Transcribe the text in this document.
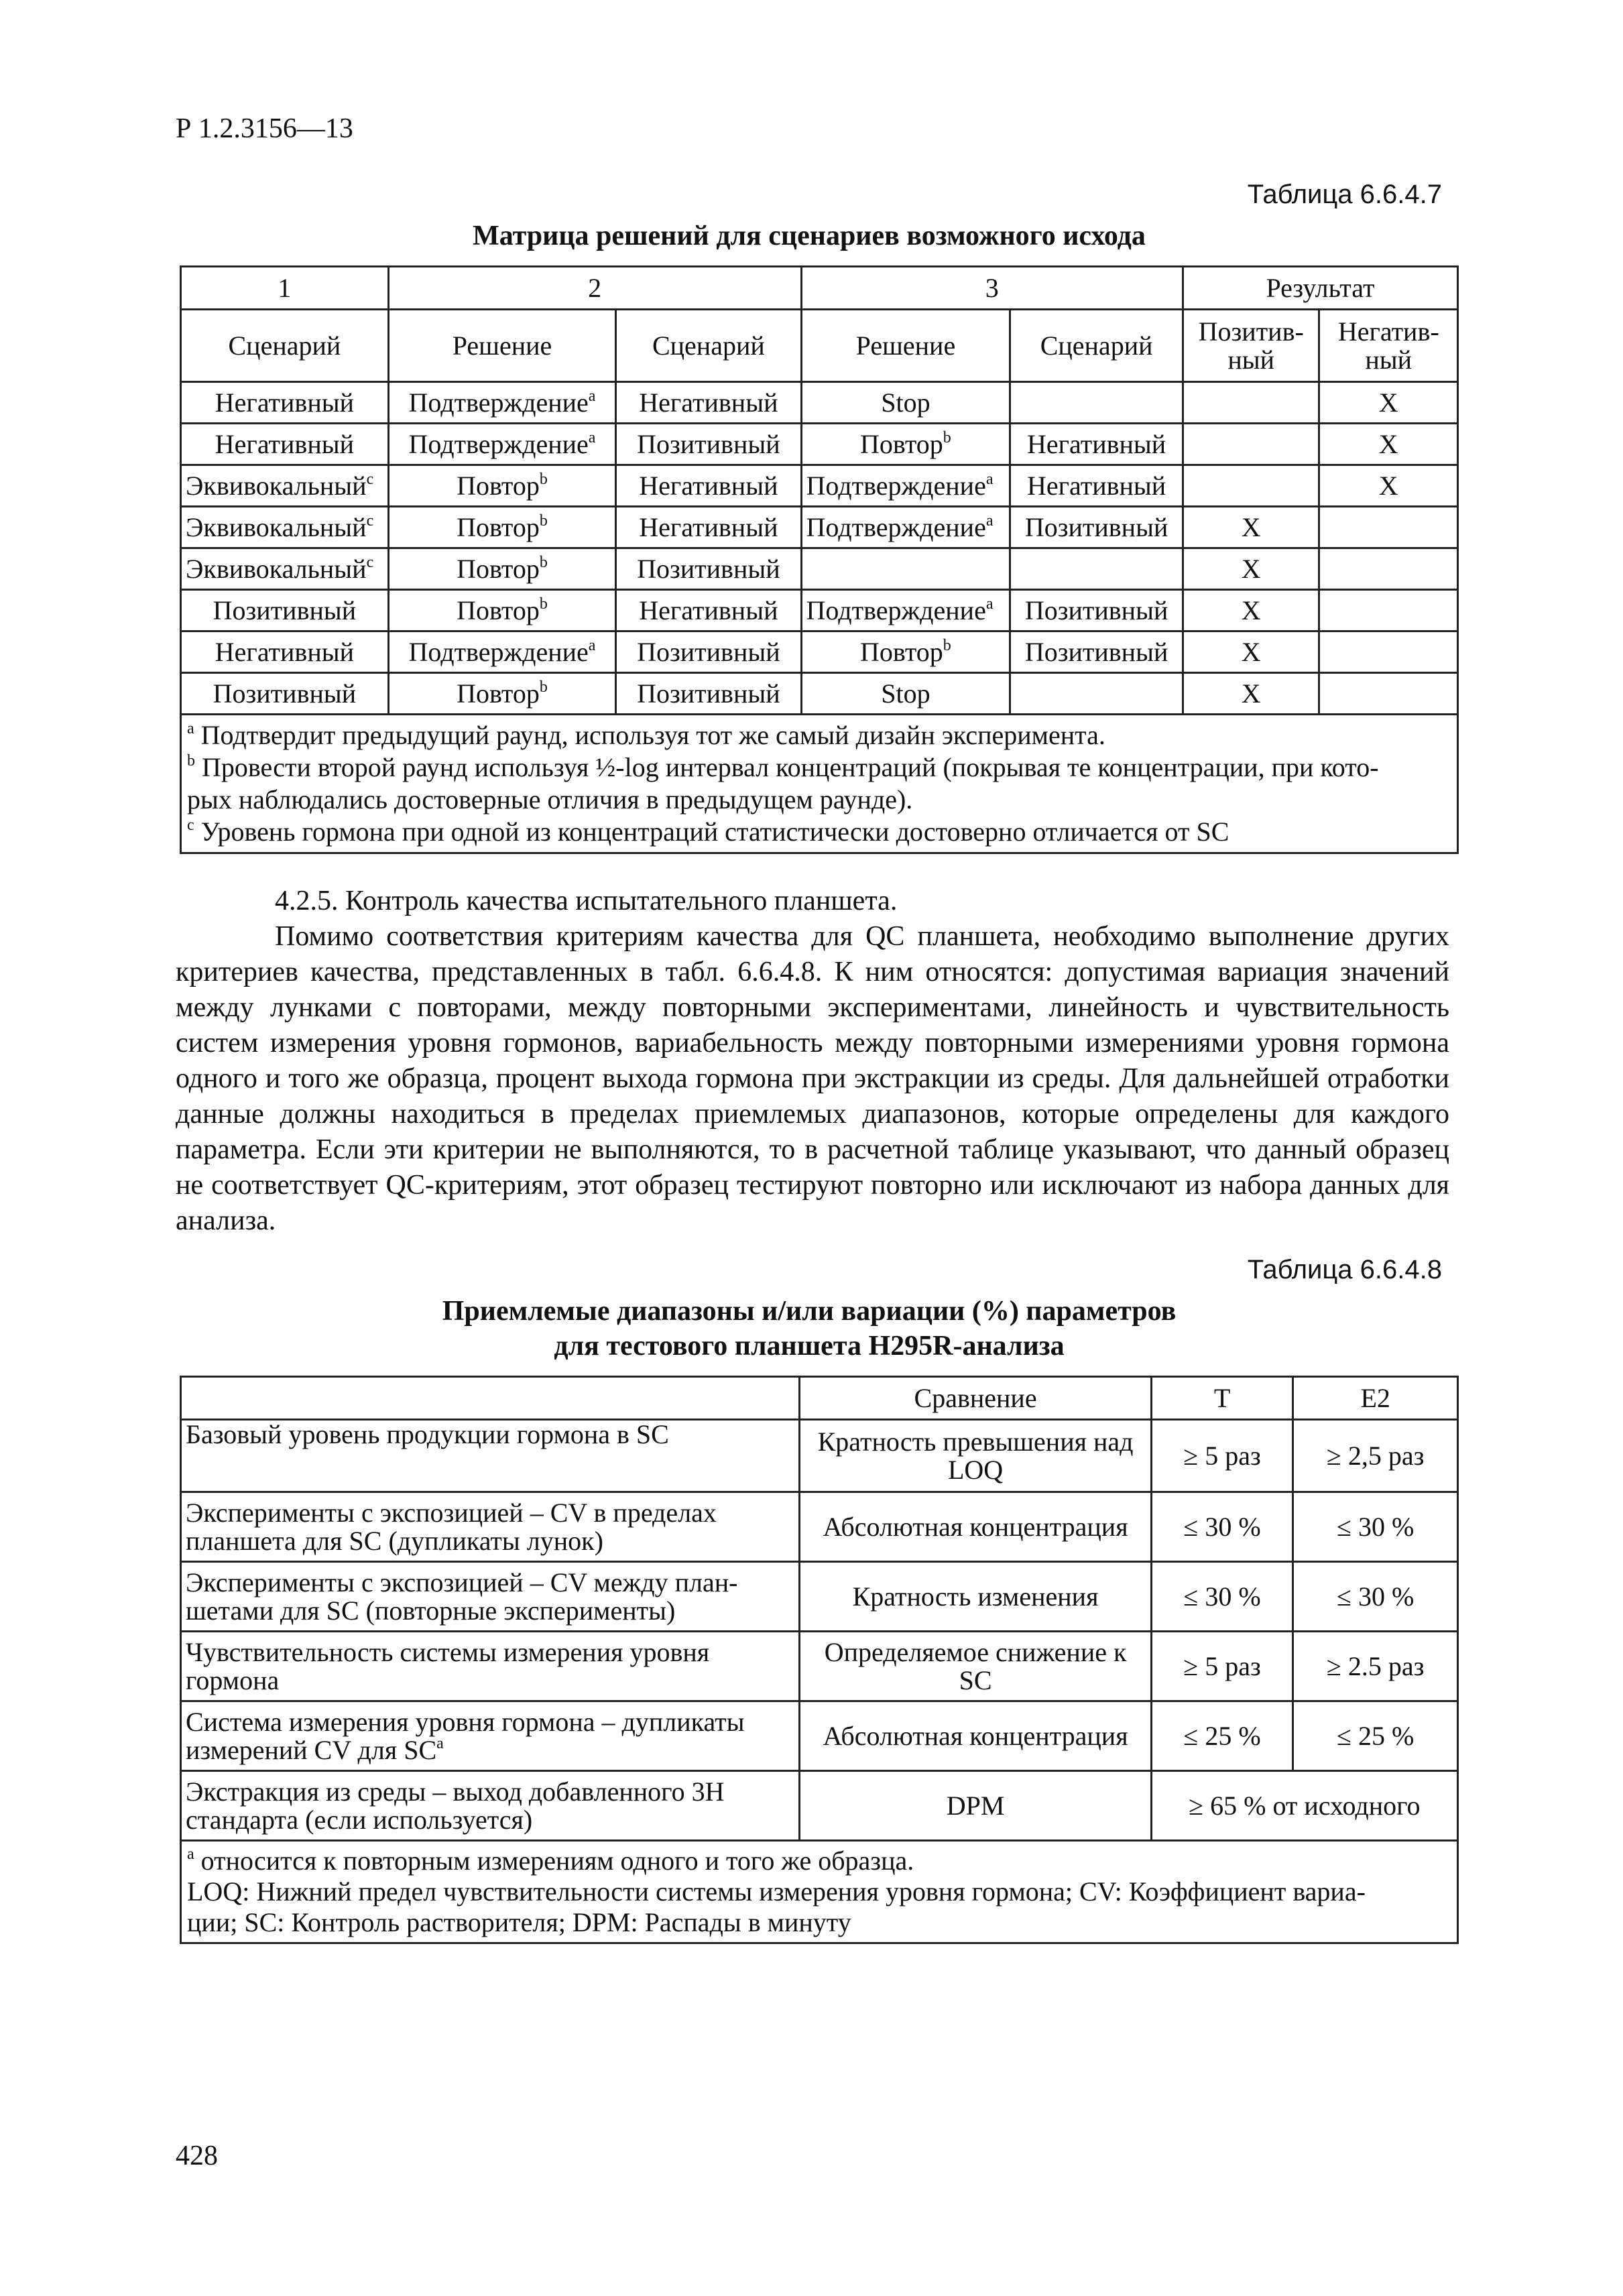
Р 1.2.3156—13
Таблица 6.6.4.7
Матрица решений для сценариев возможного исхода
1	2		3		Результат	
Сценарий	Решение	Сценарий	Решение	Сценарий	Позитив-
ный	Негатив-
ный
Негативный	Подтверждение$^a$	Негативный	Stop			X
Негативный	Подтверждение$^a$	Позитивный	Повтор$^b$	Негативный		X
Эквивокальный$^c$	Повтор$^b$	Негативный	Подтверждение$^a$	Негативный		X
Эквивокальный$^c$	Повтор$^b$	Негативный	Подтверждение$^a$	Позитивный	X	
Эквивокальный$^c$	Повтор$^b$	Позитивный			X	
Позитивный	Повтор$^b$	Негативный	Подтверждение$^a$	Позитивный	X	
Негативный	Подтверждение$^a$	Позитивный	Повтор$^b$	Позитивный	X	
Позитивный	Повтор$^b$	Позитивный	Stop		X	

$^a$ Подтвердит предыдущий раунд, используя тот же самый дизайн эксперимента.
$^b$ Провести второй раунд используя ½-log интервал концентраций (покрывая те концентрации, при кото-
рых наблюдались достоверные отличия в предыдущем раунде).
$^c$ Уровень гормона при одной из концентраций статистически достоверно отличается от SC						

4.2.5. Контроль качества испытательного планшета.

Помимо соответствия критериям качества для QC планшета, необходимо выполнение других критериев качества, представленных в табл. 6.6.4.8. К ним относятся: допустимая вариация значений между лунками с повторами, между повторными экспериментами, линейность и чувствительность систем измерения уровня гормонов, вариабельность между повторными измерениями уровня гормона одного и того же образца, процент выхода гормона при экстракции из среды. Для дальнейшей отработки данные должны находиться в пределах приемлемых диапазонов, которые определены для каждого параметра. Если эти критерии не выполняются, то в расчетной таблице указывают, что данный образец не соответствует QC-критериям, этот образец тестируют повторно или исключают из набора данных для анализа.

Таблица 6.6.4.8
Приемлемые диапазоны и/или вариации (%) параметров
для тестового планшета H295R-анализа
	Сравнение	T	E2
Базовый уровень продукции гормона в SC	Кратность превышения над
LOQ	≥ 5 раз	≥ 2,5 раз
Эксперименты с экспозицией – CV в пределах
планшета для SC (дупликаты лунок)	Абсолютная концентрация	≤ 30 %	≤ 30 %
Эксперименты с экспозицией – CV между план-
шетами для SC (повторные эксперименты)	Кратность изменения	≤ 30 %	≤ 30 %
Чувствительность системы измерения уровня
гормона	Определяемое снижение к
SC	≥ 5 раз	≥ 2.5 раз
Система измерения уровня гормона – дупликаты
измерений CV для $SC^a$	Абсолютная концентрация	≤ 25 %	≤ 25 %
Экстракция из среды – выход добавленного 3H
стандарта (если используется)	DPM	≥ 65 % от исходного	

$^a$ относится к повторным измерениям одного и того же образца.
LOQ: Нижний предел чувствительности системы измерения уровня гормона; CV: Коэффициент вариа-
ции; SC: Контроль растворителя; DPM: Распады в минуту			
428
